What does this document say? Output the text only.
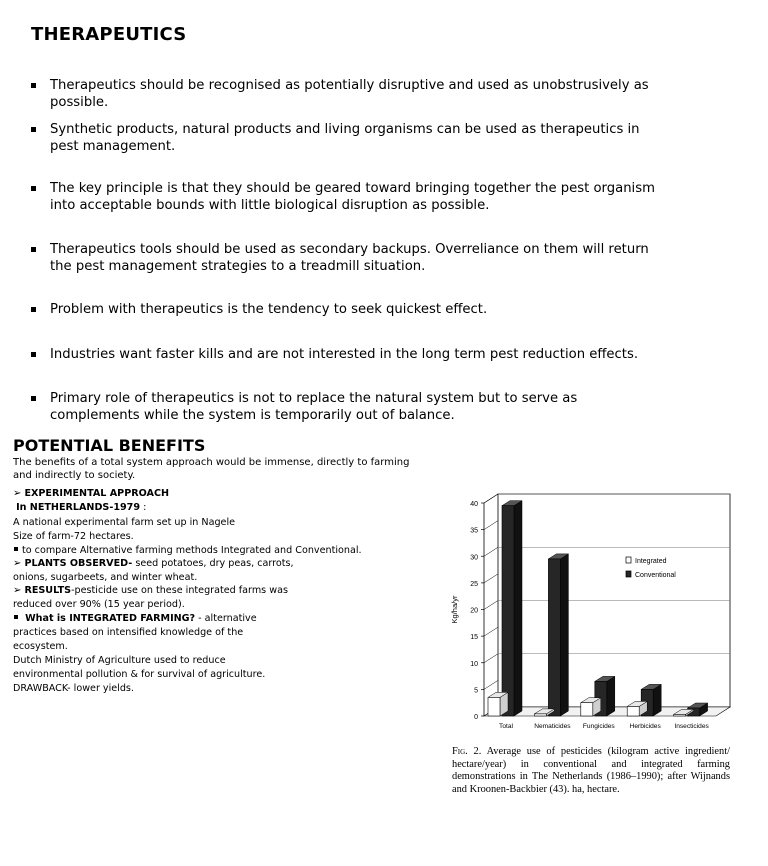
THERAPEUTICS
Therapeutics should be recognised as potentially disruptive and used as unobstrusively as possible.
Synthetic products, natural products and living organisms can be used as therapeutics in pest management.
The key principle is that they should be geared toward bringing together the pest organism into acceptable bounds with little biological disruption as possible.
Therapeutics tools should be used as secondary backups. Overreliance on them will return the pest management strategies to a treadmill situation.
Problem with therapeutics is the tendency to seek quickest effect.
Industries want faster kills and are not interested in the long term pest reduction effects.
Primary role of therapeutics is not to replace the natural system but to serve as complements while the system is temporarily out of balance.
POTENTIAL BENEFITS
The benefits of a total system approach would be immense, directly to farming and indirectly to society.
➢ EXPERIMENTAL APPROACH
In NETHERLANDS-1979 :
A national experimental farm set up in Nagele
Size of farm-72 hectares.
to compare Alternative farming methods Integrated and Conventional.
➢ PLANTS OBSERVED- seed potatoes, dry peas, carrots,
onions, sugarbeets, and winter wheat.
➢ RESULTS-pesticide use on these integrated farms was
reduced over 90% (15 year period).
What is INTEGRATED FARMING? - alternative
practices based on intensified knowledge of the
ecosystem.
Dutch Ministry of Agriculture used to reduce
environmental pollution & for survival of agriculture.
DRAWBACK- lower yields.
0
5
10
15
20
25
30
35
40
Kg/ha/yr
Total	Nematicides Fungicides Herbicides Insecticides
Integrated
Conventional
Fig. 2. Average use of pesticides (kilogram active ingredient/ hectare/year) in conventional and integrated farming demonstrations in The Netherlands (1986–1990); after Wijnands and Kroonen-Backbier (43). ha, hectare.
